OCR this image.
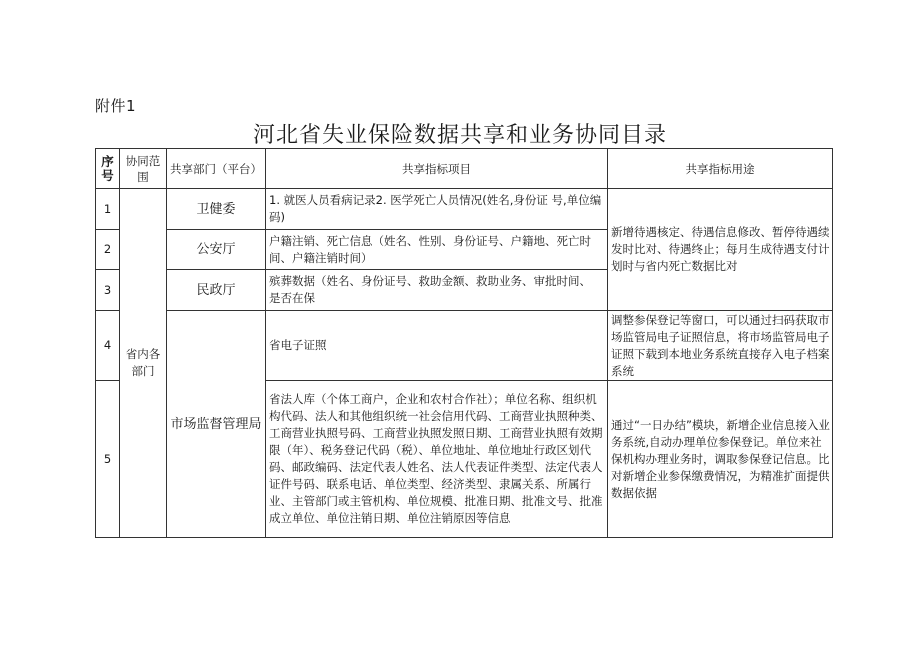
附件1
河北省失业保险数据共享和业务协同目录
序号	协同范围	共享部门（平台）	共享指标项目	共享指标用途
1	省内各部门	卫健委	1. 就医人员看病记录2. 医学死亡人员情况(姓名,身份证 号,单位编码)	新增待遇核定、待遇信息修改、暂停待遇续发时比对、待遇终止；每月生成待遇支付计划时与省内死亡数据比对
2		公安厅	户籍注销、死亡信息（姓名、性别、身份证号、户籍地、死亡时间、户籍注销时间）	
3		民政厅	殡葬数据（姓名、身份证号、救助金额、救助业务、审批时间、 是否在保	
4		市场监督管理局	省电子证照	调整参保登记等窗口，可以通过扫码获取市场监管局电子证照信息，将市场监管局电子证照下载到本地业务系统直接存入电子档案系统
5			省法人库（个体工商户，企业和农村合作社）；单位名称、组织机构代码、法人和其他组织统一社会信用代码、工商营业执照种类、工商营业执照号码、工商营业执照发照日期、工商营业执照有效期限（年）、税务登记代码（税）、单位地址、单位地址行政区划代码、邮政编码、法定代表人姓名、法人代表证件类型、法定代表人证件号码、联系电话、单位类型、经济类型、隶属关系、所属行业、主管部门或主管机构、单位规模、批准日期、批准文号、批准成立单位、单位注销日期、单位注销原因等信息	通过“一日办结”模块，新增企业信息接入业务系统,自动办理单位参保登记。单位来社保机构办理业务时，调取参保登记信息。比对新增企业参保缴费情况，为精准扩面提供数据依据
